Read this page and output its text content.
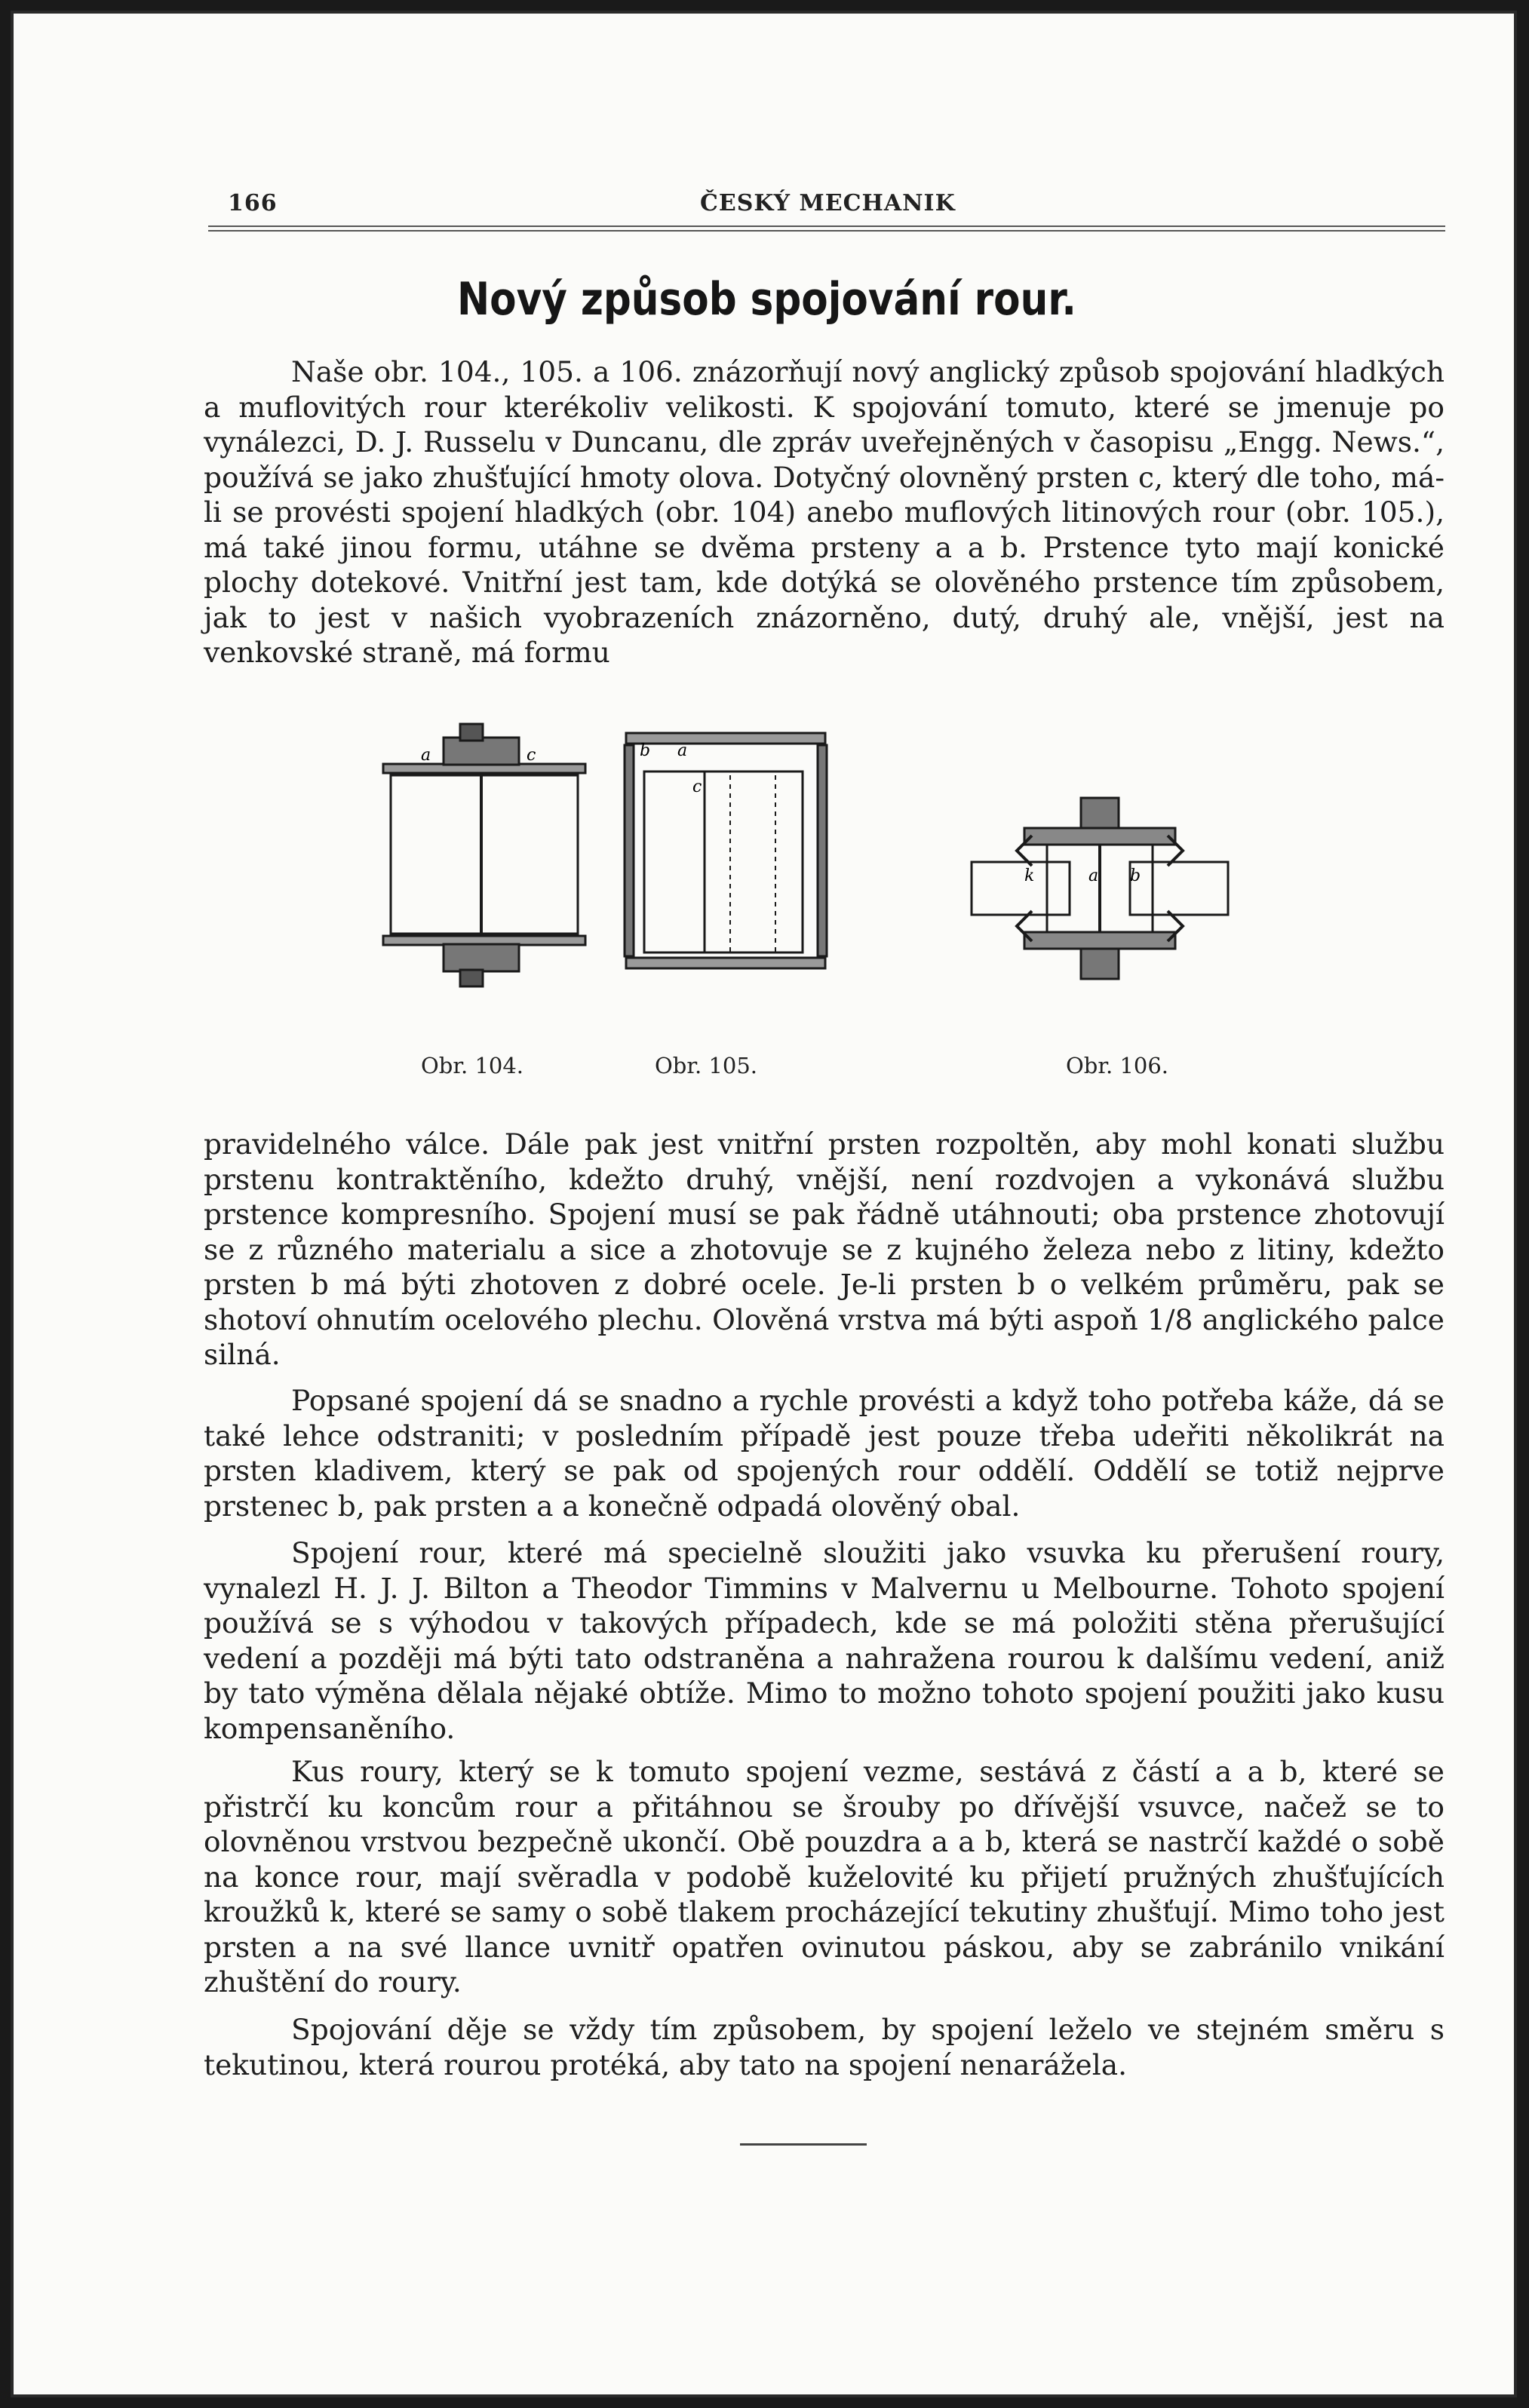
166	ČESKÝ MECHANIK
Nový způsob spojování rour.

Naše obr. 104., 105. a 106. znázorňují nový anglický způsob spojování hladkých a muflovitých rour kterékoliv velikosti. K spojování tomuto, které se jmenuje po vynálezci, D. J. Russelu v Duncanu, dle zpráv uveřejněných v časopisu „Engg. News.“, používá se jako zhušťující hmoty olova. Dotyčný olovněný prsten c, který dle toho, má-li se provésti spojení hladkých (obr. 104) anebo muflových litinových rour (obr. 105.), má také jinou formu, utáhne se dvěma prsteny a a b. Prstence tyto mají konické plochy dotekové. Vnitřní jest tam, kde dotýká se olověného prstence tím způsobem, jak to jest v našich vyobrazeních znázorněno, dutý, druhý ale, vnější, jest na venkovské straně, má formu

a	c	b a
c
k	a b
Obr. 104.	Obr. 105.	Obr. 106.

pravidelného válce. Dále pak jest vnitřní prsten rozpoltěn, aby mohl konati službu prstenu kontraktěního, kdežto druhý, vnější, není rozdvojen a vykonává službu prstence kompresního. Spojení musí se pak řádně utáhnouti; oba prstence zhotovují se z různého materialu a sice a zhotovuje se z kujného železa nebo z litiny, kdežto prsten b má býti zhotoven z dobré ocele. Je-li prsten b o velkém průměru, pak se shotoví ohnutím ocelového plechu. Olověná vrstva má býti aspoň 1/8 anglického palce silná.

Popsané spojení dá se snadno a rychle provésti a když toho potřeba káže, dá se také lehce odstraniti; v posledním případě jest pouze třeba udeřiti několikrát na prsten kladivem, který se pak od spojených rour oddělí. Oddělí se totiž nejprve prstenec b, pak prsten a a konečně odpadá olověný obal.

Spojení rour, které má specielně sloužiti jako vsuvka ku přerušení roury, vynalezl H. J. J. Bilton a Theodor Timmins v Malvernu u Melbourne. Tohoto spojení používá se s výhodou v takových případech, kde se má položiti stěna přerušující vedení a později má býti tato odstraněna a nahražena rourou k dalšímu vedení, aniž by tato výměna dělala nějaké obtíže. Mimo to možno tohoto spojení použiti jako kusu kompensaněního.

Kus roury, který se k tomuto spojení vezme, sestává z částí a a b, které se přistrčí ku koncům rour a přitáhnou se šrouby po dřívější vsuvce, načež se to olovněnou vrstvou bezpečně ukončí. Obě pouzdra a a b, která se nastrčí každé o sobě na konce rour, mají svěradla v podobě kuželovité ku přijetí pružných zhušťujících kroužků k, které se samy o sobě tlakem procházející tekutiny zhušťují. Mimo toho jest prsten a na své llance uvnitř opatřen ovinutou páskou, aby se zabránilo vnikání zhuštění do roury.

Spojování děje se vždy tím způsobem, by spojení leželo ve stejném směru s tekutinou, která rourou protéká, aby tato na spojení nenarážela.
